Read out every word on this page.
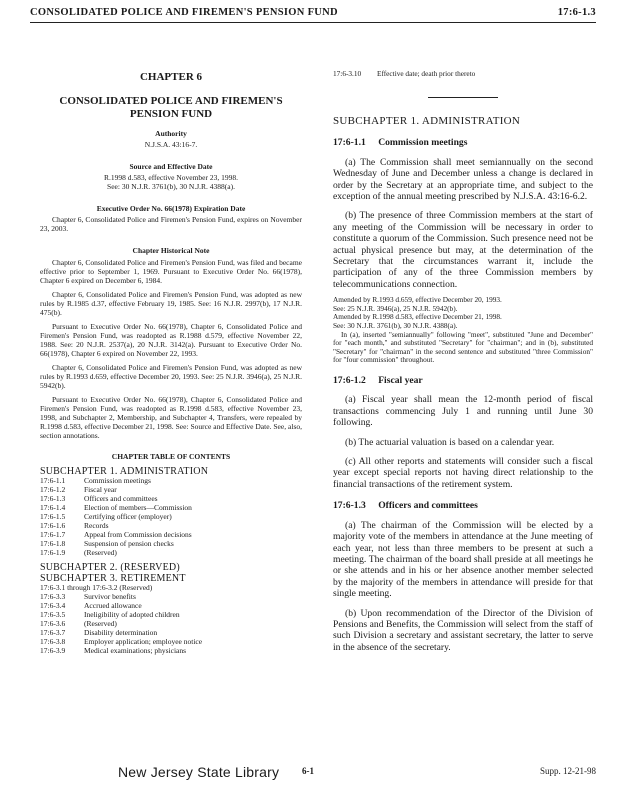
CONSOLIDATED POLICE AND FIREMEN'S PENSION FUND	17:6-1.3
CHAPTER 6
CONSOLIDATED POLICE AND FIREMEN'S
PENSION FUND
Authority
N.J.S.A. 43:16-7.
Source and Effective Date
R.1998 d.583, effective November 23, 1998.
See: 30 N.J.R. 3761(b), 30 N.J.R. 4388(a).
Executive Order No. 66(1978) Expiration Date
Chapter 6, Consolidated Police and Firemen's Pension Fund, expires on November 23, 2003.
Chapter Historical Note
Chapter 6, Consolidated Police and Firemen's Pension Fund, was filed and became effective prior to September 1, 1969. Pursuant to Executive Order No. 66(1978), Chapter 6 expired on December 6, 1984.
Chapter 6, Consolidated Police and Firemen's Pension Fund, was adopted as new rules by R.1985 d.37, effective February 19, 1985. See: 16 N.J.R. 2997(b), 17 N.J.R. 475(b).
Pursuant to Executive Order No. 66(1978), Chapter 6, Consolidated Police and Firemen's Pension Fund, was readopted as R.1988 d.579, effective November 22, 1988. See: 20 N.J.R. 2537(a), 20 N.J.R. 3142(a). Pursuant to Executive Order No. 66(1978), Chapter 6 expired on November 22, 1993.
Chapter 6, Consolidated Police and Firemen's Pension Fund, was adopted as new rules by R.1993 d.659, effective December 20, 1993. See: 25 N.J.R. 3946(a), 25 N.J.R. 5942(b).
Pursuant to Executive Order No. 66(1978), Chapter 6, Consolidated Police and Firemen's Pension Fund, was readopted as R.1998 d.583, effective November 23, 1998, and Subchapter 2, Membership, and Subchapter 4, Transfers, were repealed by R.1998 d.583, effective December 21, 1998. See: Source and Effective Date. See, also, section annotations.
CHAPTER TABLE OF CONTENTS
SUBCHAPTER 1. ADMINISTRATION
17:6-1.1	Commission meetings
17:6-1.2	Fiscal year
17:6-1.3	Officers and committees
17:6-1.4	Election of members—Commission
17:6-1.5	Certifying officer (employer)
17:6-1.6	Records
17:6-1.7	Appeal from Commission decisions
17:6-1.8	Suspension of pension checks
17:6-1.9	(Reserved)
SUBCHAPTER 2. (RESERVED)
SUBCHAPTER 3. RETIREMENT
17:6-3.1 through 17:6-3.2 (Reserved)
17:6-3.3	Survivor benefits
17:6-3.4	Accrued allowance
17:6-3.5	Ineligibility of adopted children
17:6-3.6	(Reserved)
17:6-3.7	Disability determination
17:6-3.8	Employer application; employee notice
17:6-3.9	Medical examinations; physicians
17:6-3.10 Effective date; death prior thereto
SUBCHAPTER 1. ADMINISTRATION
17:6-1.1 Commission meetings
(a) The Commission shall meet semiannually on the second Wednesday of June and December unless a change is declared in order by the Secretary at an appropriate time, and subject to the exception of the annual meeting prescribed by N.J.S.A. 43:16-6.2.
(b) The presence of three Commission members at the start of any meeting of the Commission will be necessary in order to constitute a quorum of the Commission. Such presence need not be actual physical presence but may, at the determination of the Secretary that the circumstances warrant it, include the participation of any of the three Commission members by telecommunications connection.
Amended by R.1993 d.659, effective December 20, 1993.
See: 25 N.J.R. 3946(a), 25 N.J.R. 5942(b).
Amended by R.1998 d.583, effective December 21, 1998.
See: 30 N.J.R. 3761(b), 30 N.J.R. 4388(a).
In (a), inserted "semiannually" following "meet", substituted "June and December" for "each month," and substituted "Secretary" for "chairman"; and in (b), substituted "Secretary" for "chairman" in the second sentence and substituted "three Commission" for "four commission" throughout.
17:6-1.2 Fiscal year
(a) Fiscal year shall mean the 12-month period of fiscal transactions commencing July 1 and running until June 30 following.
(b) The actuarial valuation is based on a calendar year.
(c) All other reports and statements will consider such a fiscal year except special reports not having direct relationship to the financial transactions of the retirement system.
17:6-1.3 Officers and committees
(a) The chairman of the Commission will be elected by a majority vote of the members in attendance at the June meeting of each year, not less than three members to be present at such a meeting. The chairman of the board shall preside at all meetings he or she attends and in his or her absence another member selected by the majority of the members in attendance will preside for that single meeting.
(b) Upon recommendation of the Director of the Division of Pensions and Benefits, the Commission will select from the staff of such Division a secretary and assistant secretary, the latter to serve in the absence of the secretary.
New Jersey State Library	6-1	Supp. 12-21-98
